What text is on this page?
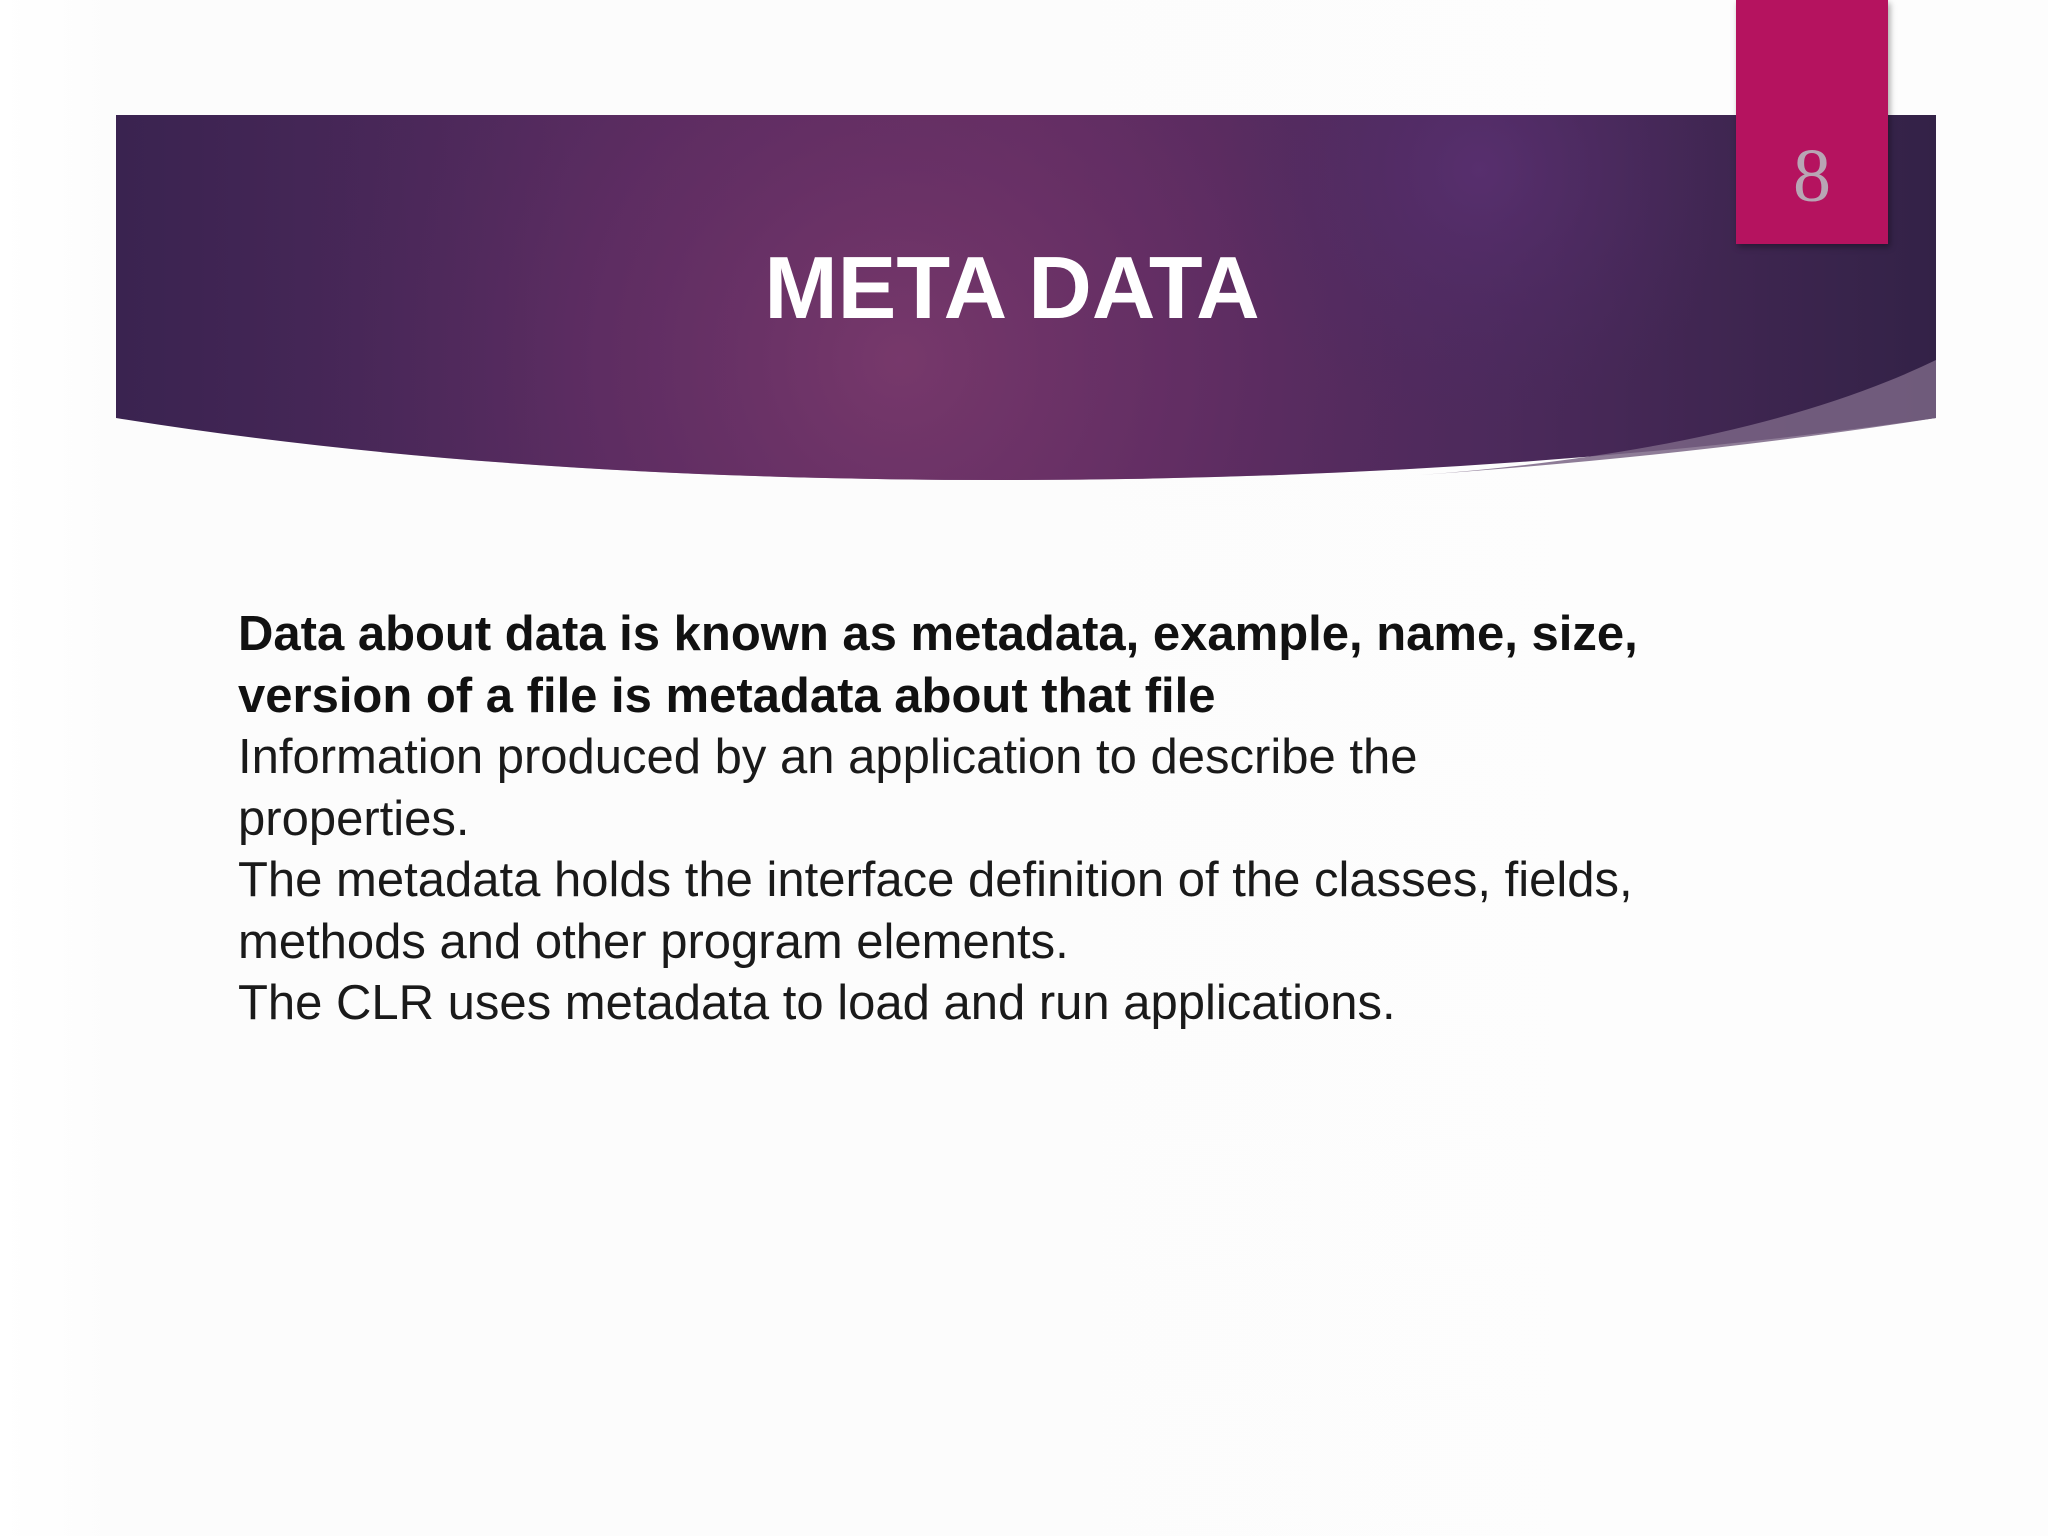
8
META DATA

Data about data is known as metadata, example, name, size, version of a file is metadata about that file

Information produced by an application to describe the properties.

The metadata holds the interface definition of the classes, fields, methods and other program elements.

The CLR uses metadata to load and run applications.
